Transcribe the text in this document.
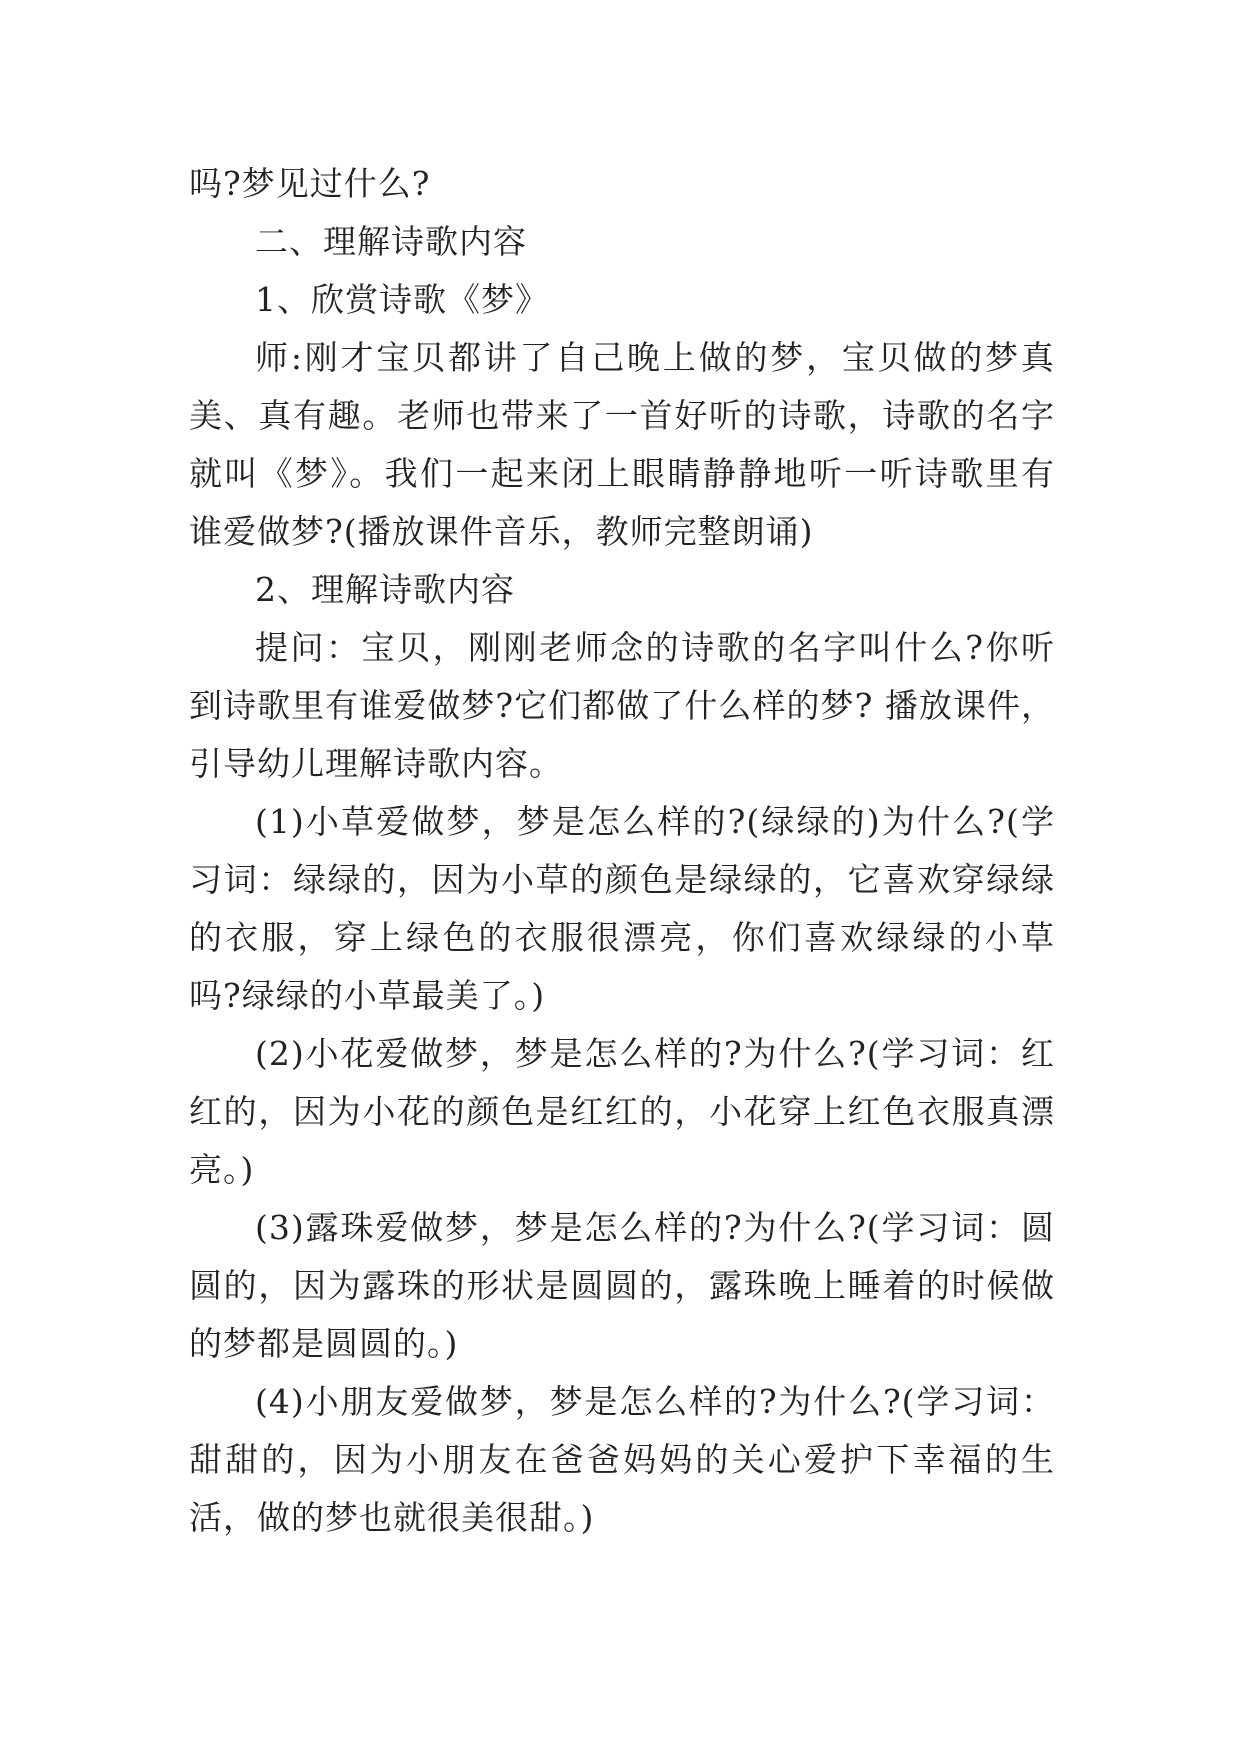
吗?梦见过什么?

二、理解诗歌内容

1、欣赏诗歌《梦》

师:刚才宝贝都讲了自己晚上做的梦，宝贝做的梦真美、真有趣。老师也带来了一首好听的诗歌，诗歌的名字就叫《梦》。我们一起来闭上眼睛静静地听一听诗歌里有谁爱做梦?(播放课件音乐，教师完整朗诵)

2、理解诗歌内容

提问：宝贝，刚刚老师念的诗歌的名字叫什么?你听到诗歌里有谁爱做梦?它们都做了什么样的梦? 播放课件，引导幼儿理解诗歌内容。

(1)小草爱做梦，梦是怎么样的?(绿绿的)为什么?(学习词：绿绿的，因为小草的颜色是绿绿的，它喜欢穿绿绿的衣服，穿上绿色的衣服很漂亮，你们喜欢绿绿的小草吗?绿绿的小草最美了。)

(2)小花爱做梦，梦是怎么样的?为什么?(学习词：红红的，因为小花的颜色是红红的，小花穿上红色衣服真漂亮。)

(3)露珠爱做梦，梦是怎么样的?为什么?(学习词：圆圆的，因为露珠的形状是圆圆的，露珠晚上睡着的时候做的梦都是圆圆的。)

(4)小朋友爱做梦，梦是怎么样的?为什么?(学习词：甜甜的，因为小朋友在爸爸妈妈的关心爱护下幸福的生活，做的梦也就很美很甜。)
